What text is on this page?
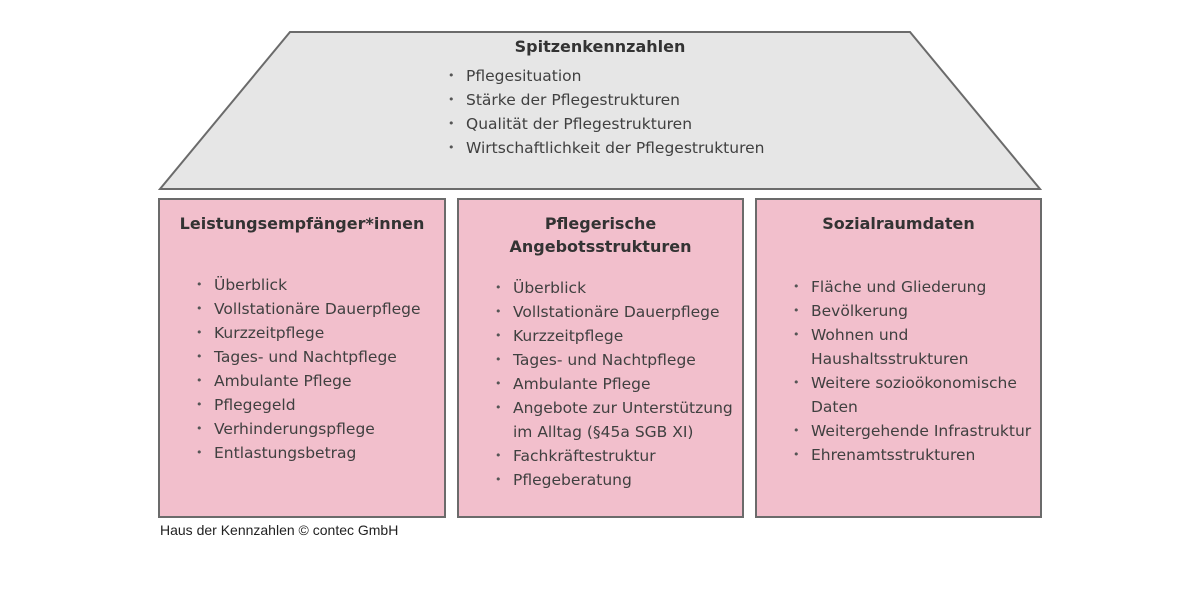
Spitzenkennzahlen
• Pflegesituation
• Stärke der Pflegestrukturen
• Qualität der Pflegestrukturen
• Wirtschaftlichkeit der Pflegestrukturen
Leistungsempfänger*innen
• Überblick
• Vollstationäre Dauerpflege
• Kurzzeitpflege
• Tages- und Nachtpflege
• Ambulante Pflege
• Pflegegeld
• Verhinderungspflege
• Entlastungsbetrag
Pflegerische Angebotsstrukturen
• Überblick
• Vollstationäre Dauerpflege
• Kurzzeitpflege
• Tages- und Nachtpflege
• Ambulante Pflege
• Angebote zur Unterstützung im Alltag (§45a SGB XI)
• Fachkräftestruktur
• Pflegeberatung
Sozialraumdaten
• Fläche und Gliederung
• Bevölkerung
• Wohnen und Haushaltsstrukturen
• Weitere sozioökonomische Daten
• Weitergehende Infrastruktur
• Ehrenamtsstrukturen
Haus der Kennzahlen © contec GmbH
